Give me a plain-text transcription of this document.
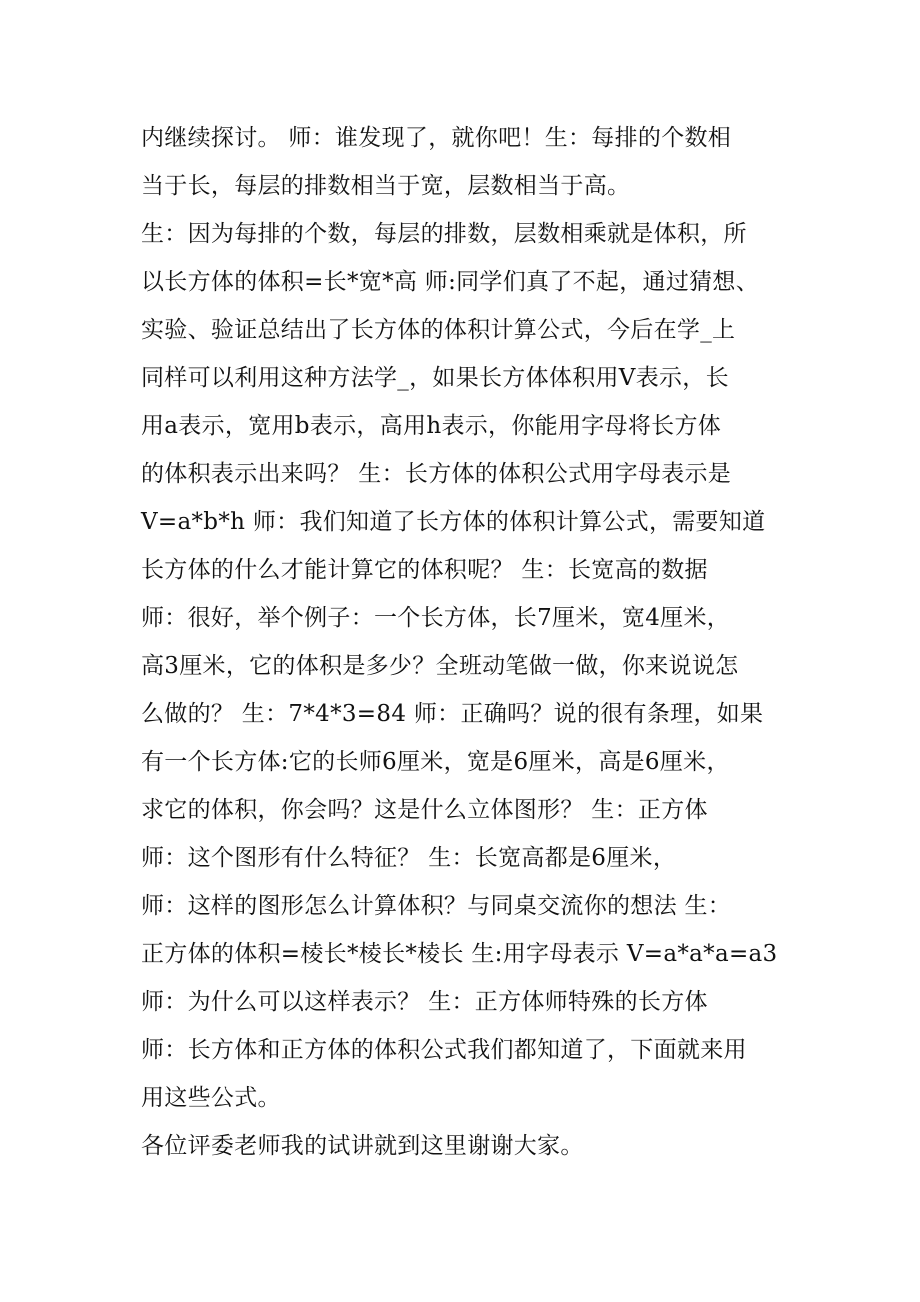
内继续探讨。 师：谁发现了，就你吧！生：每排的个数相
当于长，每层的排数相当于宽，层数相当于高。
生：因为每排的个数，每层的排数，层数相乘就是体积，所
以长方体的体积=长*宽*高 师:同学们真了不起，通过猜想、
实验、验证总结出了长方体的体积计算公式，今后在学_上
同样可以利用这种方法学_，如果长方体体积用V表示，长
用a表示，宽用b表示，高用h表示，你能用字母将长方体
的体积表示出来吗？ 生：长方体的体积公式用字母表示是
V=a*b*h 师：我们知道了长方体的体积计算公式，需要知道
长方体的什么才能计算它的体积呢？ 生：长宽高的数据
师：很好，举个例子：一个长方体，长7厘米，宽4厘米，
高3厘米，它的体积是多少？全班动笔做一做，你来说说怎
么做的？ 生：7*4*3=84 师：正确吗？说的很有条理，如果
有一个长方体:它的长师6厘米，宽是6厘米，高是6厘米，
求它的体积，你会吗？这是什么立体图形？ 生：正方体
师：这个图形有什么特征？ 生：长宽高都是6厘米，
师：这样的图形怎么计算体积？与同桌交流你的想法 生：
正方体的体积=棱长*棱长*棱长 生:用字母表示 V=a*a*a=a3
师：为什么可以这样表示？ 生：正方体师特殊的长方体
师：长方体和正方体的体积公式我们都知道了，下面就来用
用这些公式。
各位评委老师我的试讲就到这里谢谢大家。
